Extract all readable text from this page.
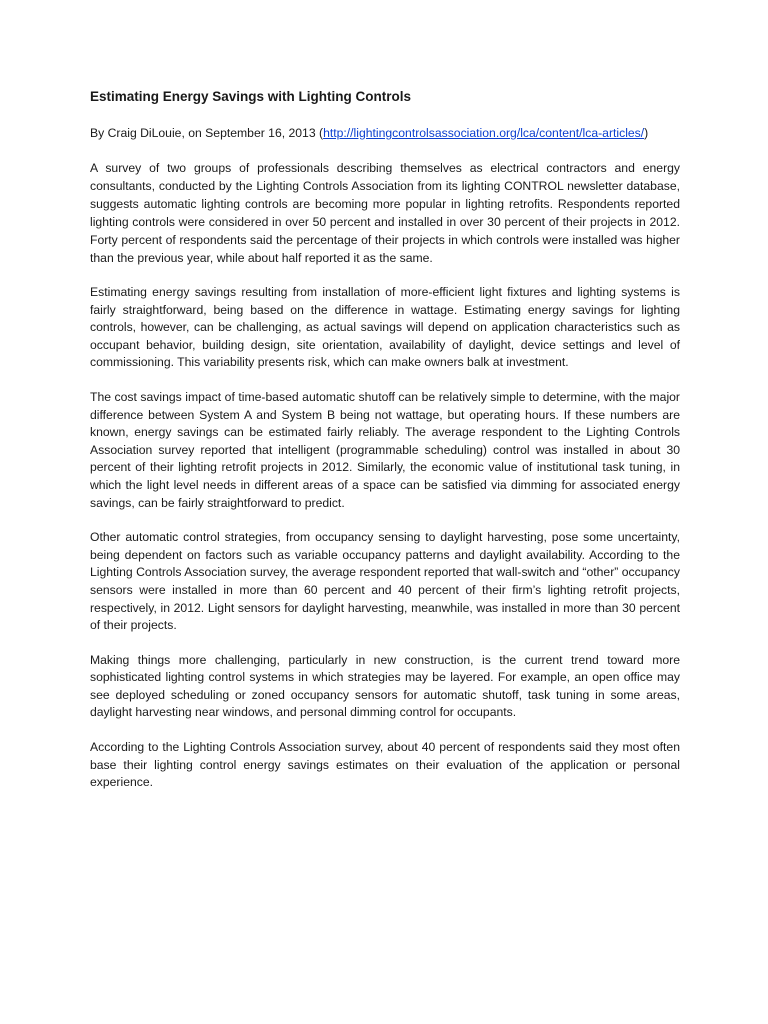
Estimating Energy Savings with Lighting Controls
By Craig DiLouie, on September 16, 2013 (http://lightingcontrolsassociation.org/lca/content/lca-articles/)

A survey of two groups of professionals describing themselves as electrical contractors and energy consultants, conducted by the Lighting Controls Association from its lighting CONTROL newsletter database, suggests automatic lighting controls are becoming more popular in lighting retrofits. Respondents reported lighting controls were considered in over 50 percent and installed in over 30 percent of their projects in 2012. Forty percent of respondents said the percentage of their projects in which controls were installed was higher than the previous year, while about half reported it as the same.

Estimating energy savings resulting from installation of more-efficient light fixtures and lighting systems is fairly straightforward, being based on the difference in wattage. Estimating energy savings for lighting controls, however, can be challenging, as actual savings will depend on application characteristics such as occupant behavior, building design, site orientation, availability of daylight, device settings and level of commissioning. This variability presents risk, which can make owners balk at investment.

The cost savings impact of time-based automatic shutoff can be relatively simple to determine, with the major difference between System A and System B being not wattage, but operating hours. If these numbers are known, energy savings can be estimated fairly reliably. The average respondent to the Lighting Controls Association survey reported that intelligent (programmable scheduling) control was installed in about 30 percent of their lighting retrofit projects in 2012. Similarly, the economic value of institutional task tuning, in which the light level needs in different areas of a space can be satisfied via dimming for associated energy savings, can be fairly straightforward to predict.

Other automatic control strategies, from occupancy sensing to daylight harvesting, pose some uncertainty, being dependent on factors such as variable occupancy patterns and daylight availability. According to the Lighting Controls Association survey, the average respondent reported that wall-switch and “other” occupancy sensors were installed in more than 60 percent and 40 percent of their firm’s lighting retrofit projects, respectively, in 2012. Light sensors for daylight harvesting, meanwhile, was installed in more than 30 percent of their projects.

Making things more challenging, particularly in new construction, is the current trend toward more sophisticated lighting control systems in which strategies may be layered. For example, an open office may see deployed scheduling or zoned occupancy sensors for automatic shutoff, task tuning in some areas, daylight harvesting near windows, and personal dimming control for occupants.

According to the Lighting Controls Association survey, about 40 percent of respondents said they most often base their lighting control energy savings estimates on their evaluation of the application or personal experience.
